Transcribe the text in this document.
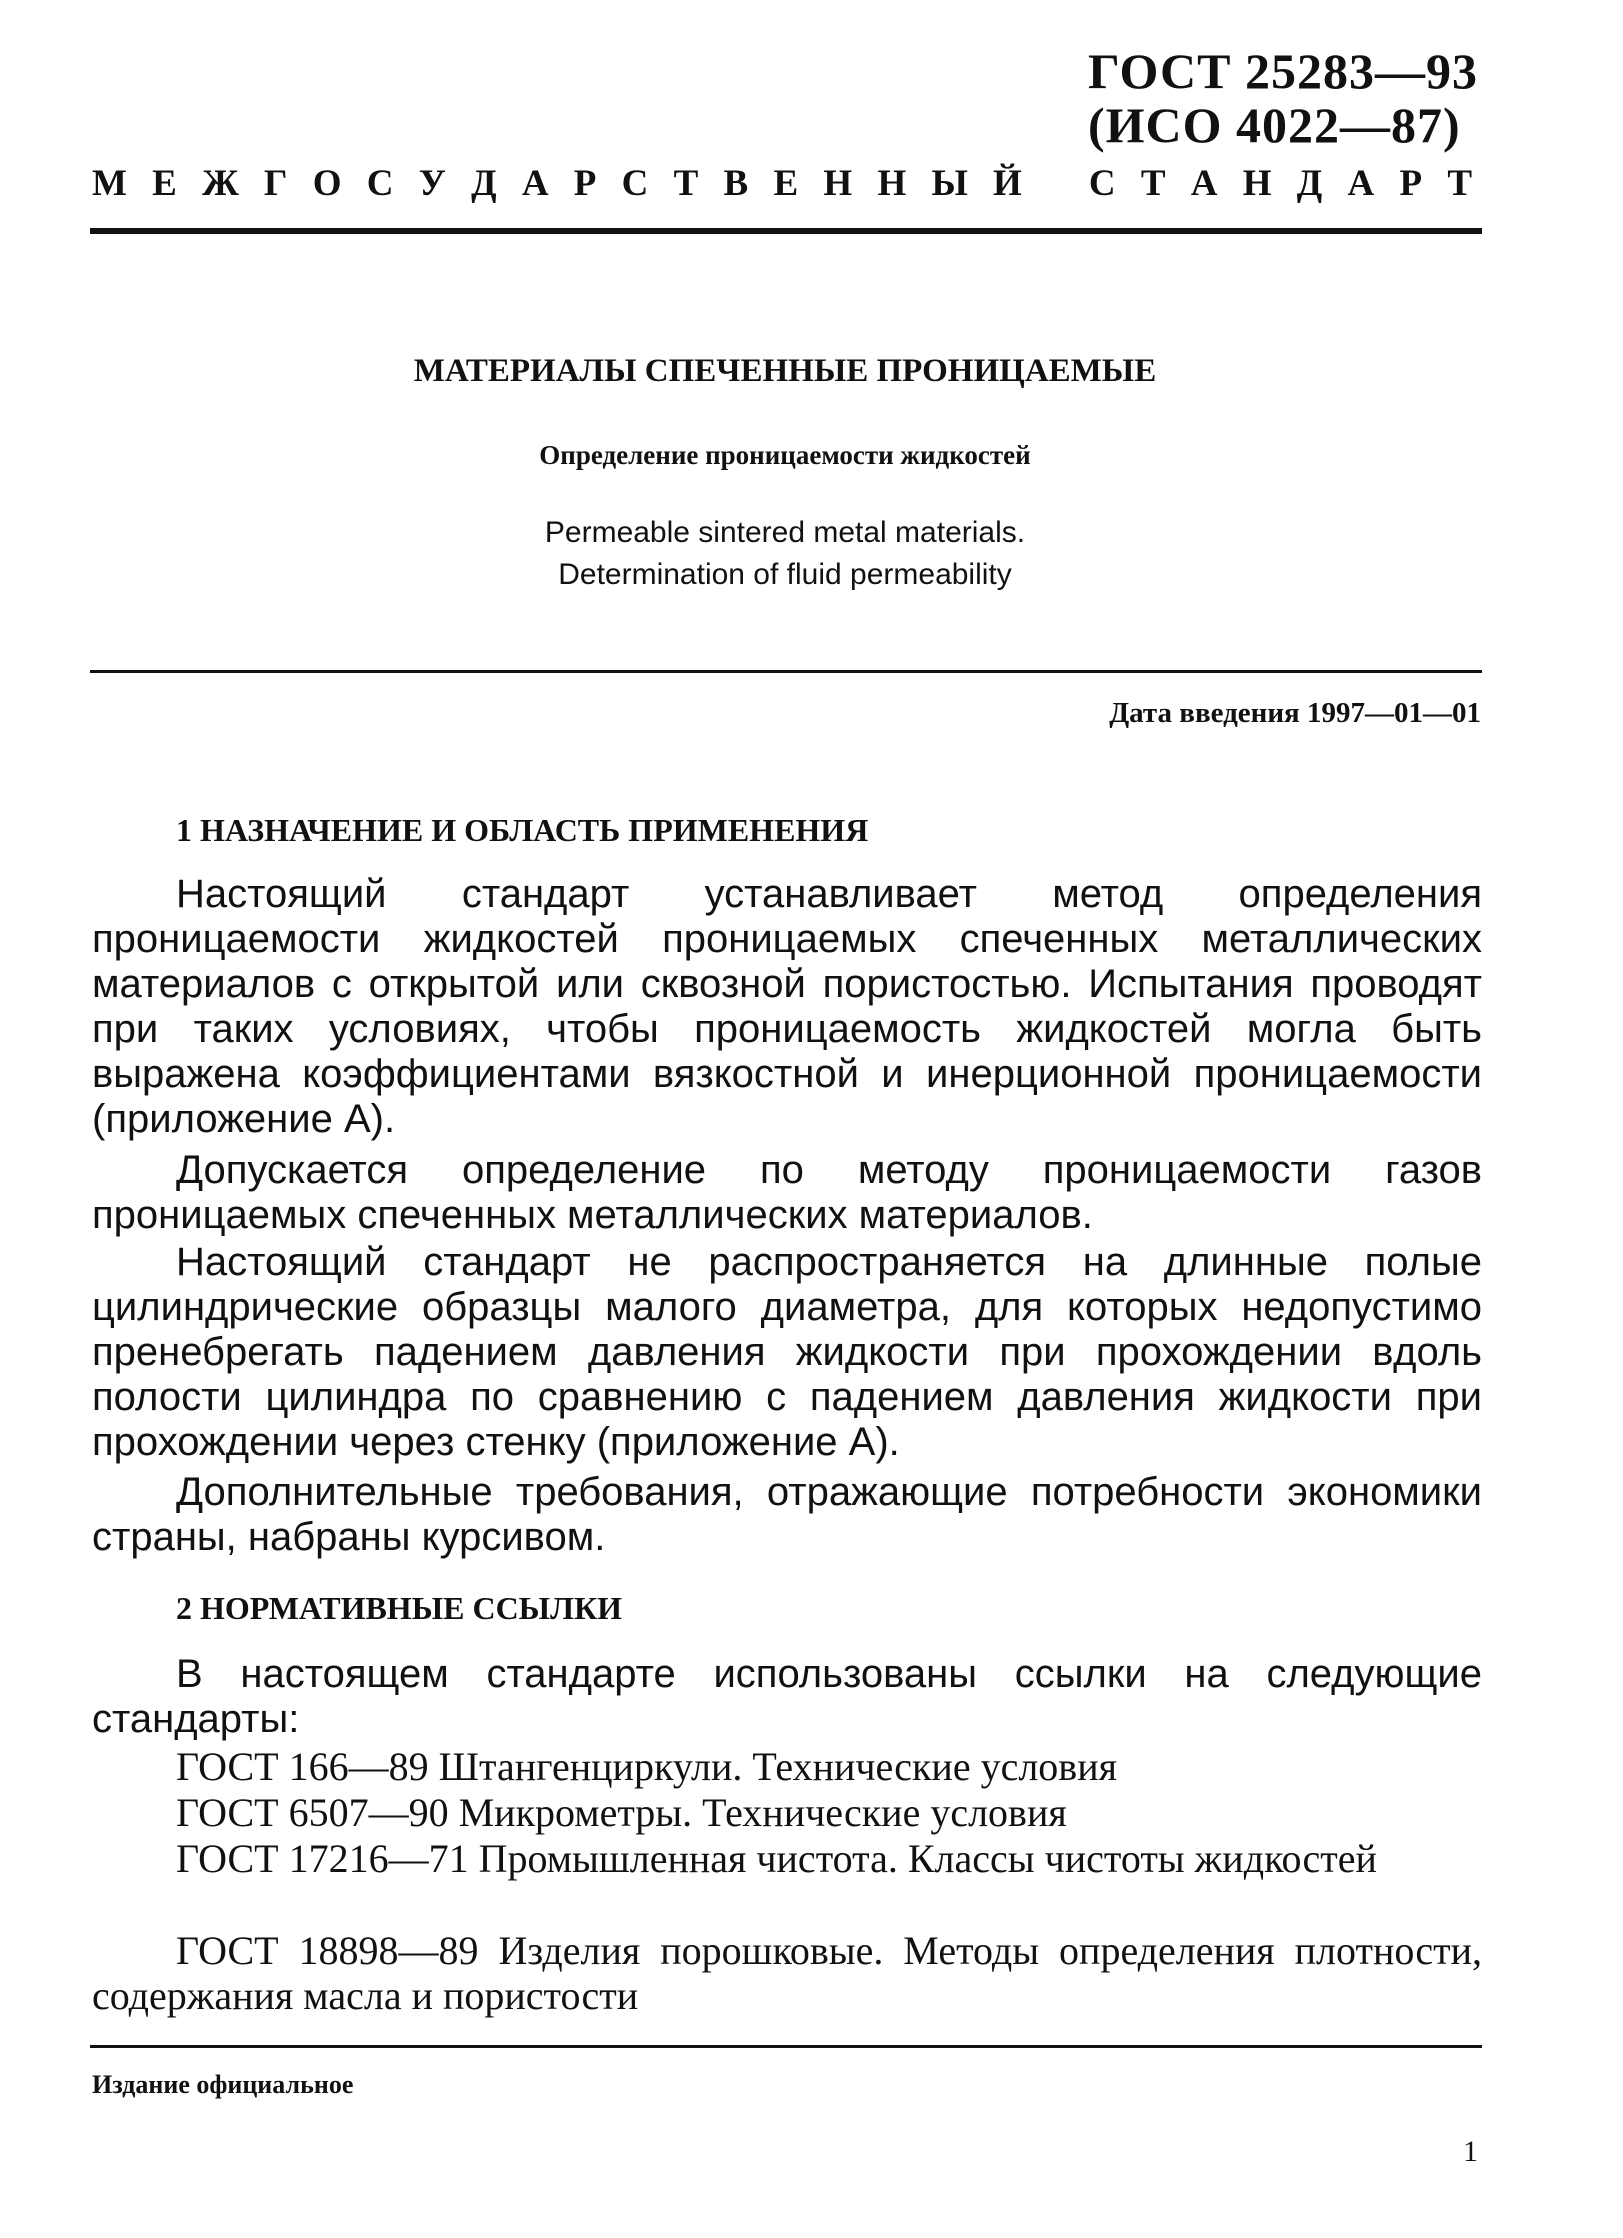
ГОСТ 25283—93
(ИСО 4022—87)
М Е Ж Г О С У Д А Р С Т В Е Н Н Ы Й С Т А Н Д А Р Т
МАТЕРИАЛЫ СПЕЧЕННЫЕ ПРОНИЦАЕМЫЕ
Определение проницаемости жидкостей
Permeable sintered metal materials.
Determination of fluid permeability
Дата введения 1997—01—01
1 НАЗНАЧЕНИЕ И ОБЛАСТЬ ПРИМЕНЕНИЯ
Настоящий стандарт устанавливает метод определения проницаемости жидкостей проницаемых спеченных металлических материалов с открытой или сквозной пористостью. Испытания проводят при таких условиях, чтобы проницаемость жидкостей могла быть выражена коэффициентами вязкостной и инерционной проницаемости (приложение А).
Допускается определение по методу проницаемости газов проницаемых спеченных металлических материалов.
Настоящий стандарт не распространяется на длинные полые цилиндрические образцы малого диаметра, для которых недопустимо пренебрегать падением давления жидкости при прохождении вдоль полости цилиндра по сравнению с падением давления жидкости при прохождении через стенку (приложение А).
Дополнительные требования, отражающие потребности экономики страны, набраны курсивом.
2 НОРМАТИВНЫЕ ССЫЛКИ
В настоящем стандарте использованы ссылки на следующие стандарты:
ГОСТ 166—89 Штангенциркули. Технические условия
ГОСТ 6507—90 Микрометры. Технические условия
ГОСТ 17216—71 Промышленная чистота. Классы чистоты жидкостей
ГОСТ 18898—89 Изделия порошковые. Методы определения плотности, содержания масла и пористости
Издание официальное
1
